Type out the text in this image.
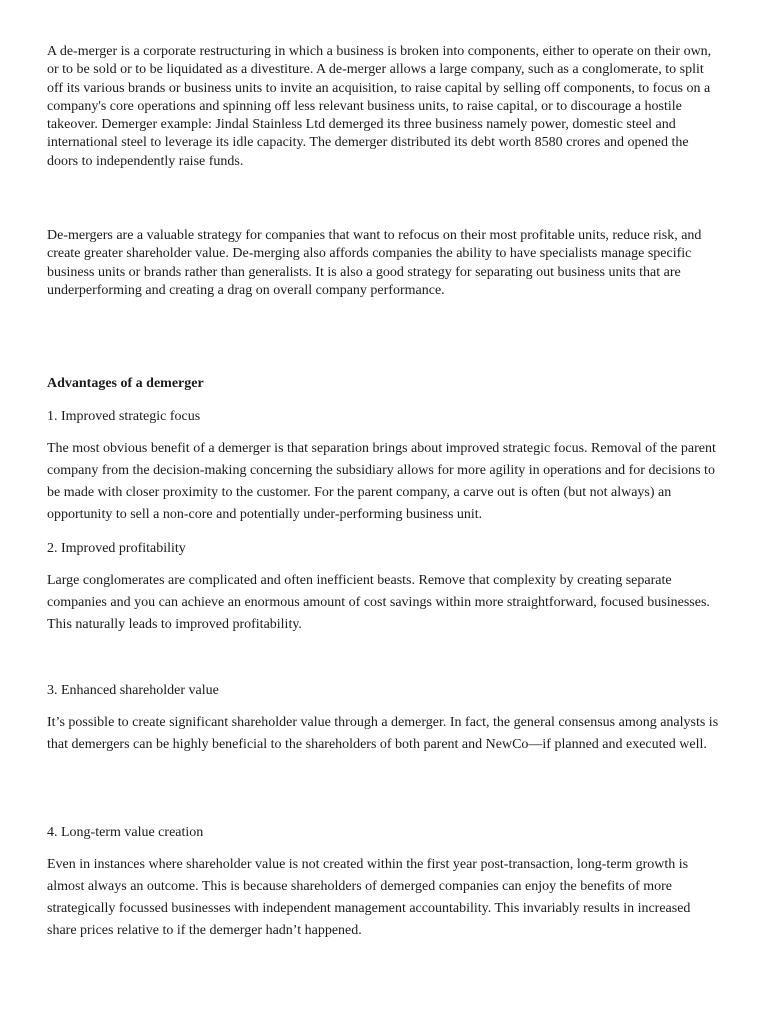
A de-merger is a corporate restructuring in which a business is broken into components, either to operate on their own, or to be sold or to be liquidated as a divestiture. A de-merger allows a large company, such as a conglomerate, to split off its various brands or business units to invite an acquisition, to raise capital by selling off components, to focus on a company's core operations and spinning off less relevant business units, to raise capital, or to discourage a hostile takeover. Demerger example: Jindal Stainless Ltd demerged its three business namely power, domestic steel and international steel to leverage its idle capacity. The demerger distributed its debt worth 8580 crores and opened the doors to independently raise funds.

De-mergers are a valuable strategy for companies that want to refocus on their most profitable units, reduce risk, and create greater shareholder value. De-merging also affords companies the ability to have specialists manage specific business units or brands rather than generalists. It is also a good strategy for separating out business units that are underperforming and creating a drag on overall company performance.

Advantages of a demerger

1. Improved strategic focus

The most obvious benefit of a demerger is that separation brings about improved strategic focus. Removal of the parent company from the decision-making concerning the subsidiary allows for more agility in operations and for decisions to be made with closer proximity to the customer. For the parent company, a carve out is often (but not always) an opportunity to sell a non-core and potentially under-performing business unit.

2. Improved profitability

Large conglomerates are complicated and often inefficient beasts. Remove that complexity by creating separate companies and you can achieve an enormous amount of cost savings within more straightforward, focused businesses. This naturally leads to improved profitability.

3. Enhanced shareholder value

It’s possible to create significant shareholder value through a demerger. In fact, the general consensus among analysts is that demergers can be highly beneficial to the shareholders of both parent and NewCo—if planned and executed well.

4. Long-term value creation

Even in instances where shareholder value is not created within the first year post-transaction, long-term growth is almost always an outcome. This is because shareholders of demerged companies can enjoy the benefits of more strategically focussed businesses with independent management accountability. This invariably results in increased share prices relative to if the demerger hadn’t happened.
